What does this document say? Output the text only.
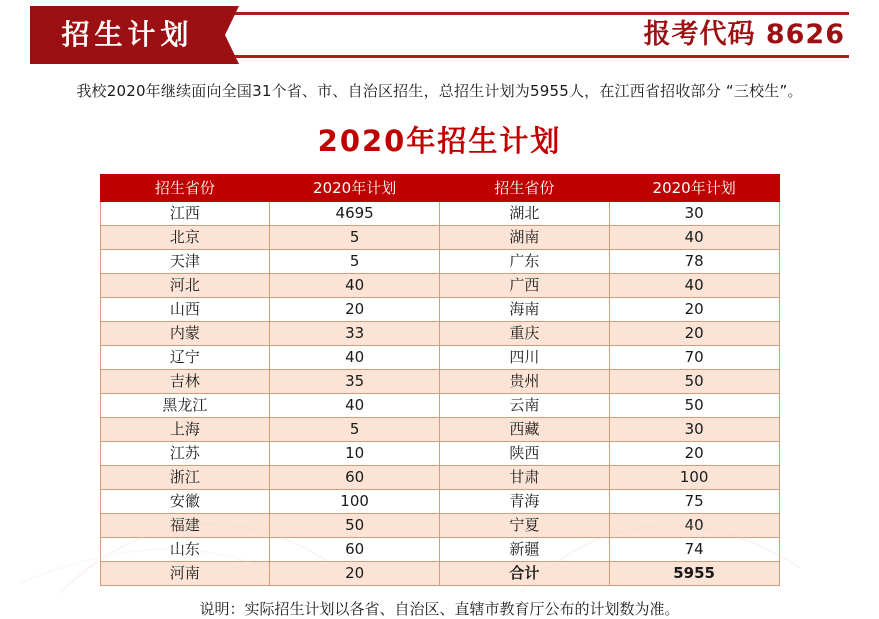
招生计划	报考代码 8626
我校2020年继续面向全国31个省、市、自治区招生，总招生计划为5955人，在江西省招收部分 “三校生”。
2020年招生计划
招生省份	2020年计划	招生省份	2020年计划
江西	4695	湖北	30
北京	5	湖南	40
天津	5	广东	78
河北	40	广西	40
山西	20	海南	20
内蒙	33	重庆	20
辽宁	40	四川	70
吉林	35	贵州	50
黑龙江	40	云南	50
上海	5	西藏	30
江苏	10	陕西	20
浙江	60	甘肃	100
安徽	100	青海	75
福建	50	宁夏	40
山东	60	新疆	74
河南	20	合计	5955
说明：实际招生计划以各省、自治区、直辖市教育厅公布的计划数为准。
